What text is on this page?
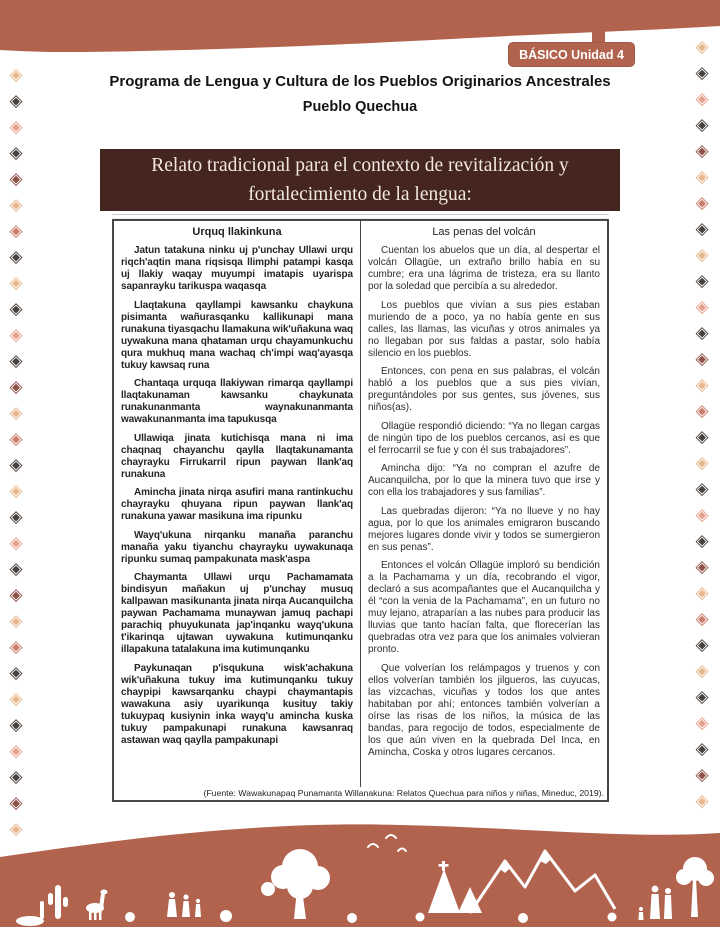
BÁSICO Unidad 4
Programa de Lengua y Cultura de los Pueblos Originarios Ancestrales
Pueblo Quechua
Relato tradicional para el contexto de revitalización y fortalecimiento de la lengua:
◈
◈
◈
◈
◈
◈
◈
◈
◈
◈
◈
◈
◈
◈
◈
◈
◈
◈
◈
◈
◈
◈
◈
◈
◈
◈
◈
◈
◈
◈
◈
◈
◈
◈
◈
◈
◈
◈
◈
◈
◈
◈
◈
◈
◈
◈
◈
◈
◈
◈
◈
◈
◈
◈
◈
◈
◈
◈
◈
◈
Urquq llakinkuna

Jatun tatakuna ninku uj p'unchay Ullawi urqu riqch'aqtin mana riqsisqa llimphi patampi kasqa uj llakiy waqay muyumpi imatapis uyarispa sapanrayku tarikuspa waqasqa

Llaqtakuna qayllampi kawsanku chaykuna pisimanta wañurasqanku kallikunapi mana runakuna tiyasqachu llamakuna wik'uñakuna waq uywakuna mana qhataman urqu chayamunkuchu qura mukhuq mana wachaq ch'impi waq'ayasqa tukuy kawsaq runa

Chantaqa urquqa llakiywan rimarqa qayllampi llaqtakunaman kawsanku chaykunata runakunanmanta waynakunanmanta wawakunanmanta ima tapukusqa

Ullawiqa jinata kutichisqa mana ni ima chaqnaq chayanchu qaylla llaqtakunamanta chayrayku Firrukarril ripun paywan llank'aq runakuna

Amincha jinata nirqa asufiri mana rantinkuchu chayrayku qhuyana ripun paywan llank'aq runakuna yawar masikuna ima ripunku

Wayq'ukuna nirqanku manaña paranchu manaña yaku tiyanchu chayrayku uywakunaqa ripunku sumaq pampakunata mask'aspa

Chaymanta Ullawi urqu Pachamamata bindisyun mañakun uj p'unchay musuq kallpawan masikunanta jinata nirqa Aucanquilcha paywan Pachamama munaywan jamuq pachapi parachiq phuyukunata jap'inqanku wayq'ukuna t'ikarinqa ujtawan uywakuna kutimunqanku illapakuna tatalakuna ima kutimunqanku

Paykunaqan p'isqukuna wisk'achakuna wik'uñakuna tukuy ima kutimunqanku tukuy chaypipi kawsarqanku chaypi chaymantapis wawakuna asiy uyarikunqa kusituy takiy tukuypaq kusiynin inka wayq'u amincha kuska tukuy pampakunapi runakuna kawsanraq astawan waq qaylla pampakunapi

Las penas del volcán

Cuentan los abuelos que un día, al despertar el volcán Ollagüe, un extraño brillo había en su cumbre; era una lágrima de tristeza, era su llanto por la soledad que percibía a su alrededor.

Los pueblos que vivían a sus pies estaban muriendo de a poco, ya no había gente en sus calles, las llamas, las vicuñas y otros animales ya no llegaban por sus faldas a pastar, solo había silencio en los pueblos.

Entonces, con pena en sus palabras, el volcán habló a los pueblos que a sus pies vivían, preguntándoles por sus gentes, sus jóvenes, sus niños(as).

Ollagüe respondió diciendo: “Ya no llegan cargas de ningún tipo de los pueblos cercanos, así es que el ferrocarril se fue y con él sus trabajadores”.

Amincha dijo: “Ya no compran el azufre de Aucanquilcha, por lo que la minera tuvo que irse y con ella los trabajadores y sus familias”.

Las quebradas dijeron: “Ya no llueve y no hay agua, por lo que los animales emigraron buscando mejores lugares donde vivir y todos se sumergieron en sus penas”.

Entonces el volcán Ollagüe imploró su bendición a la Pachamama y un día, recobrando el vigor, declaró a sus acompañantes que el Aucanquilcha y él “con la venia de la Pachamama”, en un futuro no muy lejano, atraparían a las nubes para producir las lluvias que tanto hacían falta, que florecerían las quebradas otra vez para que los animales volvieran pronto.

Que volverían los relámpagos y truenos y con ellos volverían también los jilgueros, las cuyucas, las vizcachas, vicuñas y todos los que antes habitaban por ahí; entonces también volverían a oírse las risas de los niños, la música de las bandas, para regocijo de todos, especialmente de los que aún viven en la quebrada Del Inca, en Amincha, Coska y otros lugares cercanos.

(Fuente: Wawakunapaq Punamanta Willanakuna: Relatos Quechua para niños y niñas, Mineduc, 2019).
